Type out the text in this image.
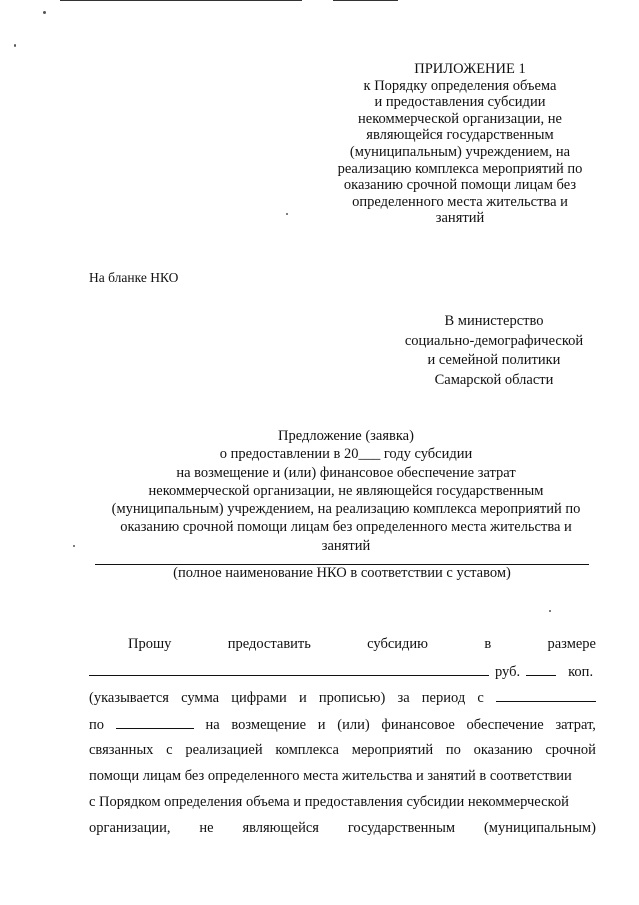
ПРИЛОЖЕНИЕ 1
к Порядку определения объема
и предоставления субсидии
некоммерческой организации, не
являющейся государственным
(муниципальным) учреждением, на
реализацию комплекса мероприятий по
оказанию срочной помощи лицам без
определенного места жительства и
занятий
На бланке НКО
В министерство
социально-демографической
и семейной политики
Самарской области
Предложение (заявка)
о предоставлении в 20___ году субсидии
на возмещение и (или) финансовое обеспечение затрат
некоммерческой организации, не являющейся государственным
(муниципальным) учреждением, на реализацию комплекса мероприятий по
оказанию срочной помощи лицам без определенного места жительства и
занятий
(полное наименование НКО в соответствии с уставом)
Прошу	предоставить	субсидию	в	размере
руб.	коп.
(указывается сумма цифрами и прописью) за период с
по	на возмещение и (или) финансовое обеспечение затрат,
связанных с реализацией комплекса мероприятий по оказанию срочной
помощи лицам без определенного места жительства и занятий в соответствии
с Порядком определения объема и предоставления субсидии некоммерческой
организации, не являющейся государственным (муниципальным)
